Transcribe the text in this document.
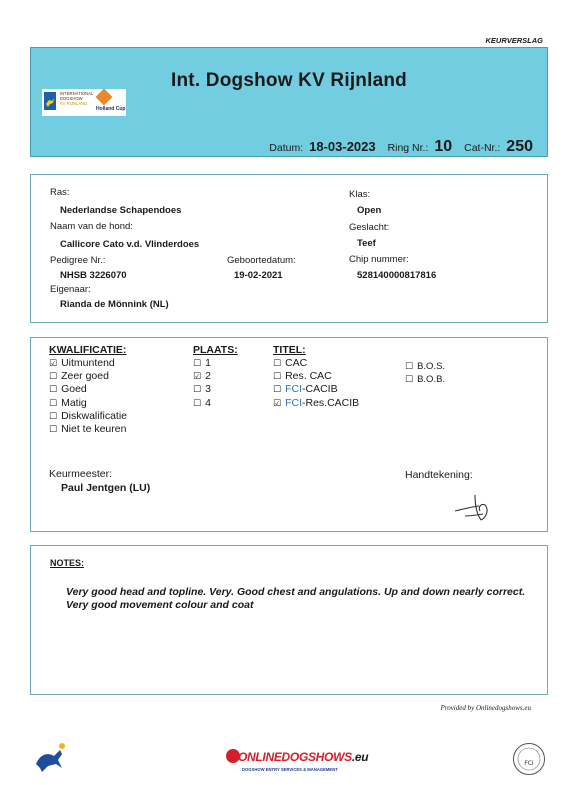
KEURVERSLAG
Int. Dogshow KV Rijnland
INTERNATIONAL
DOGSHOW
KV RIJNLAND
Holland Cup
Datum: 18-03-2023 Ring Nr.: 10 Cat-Nr.: 250
Ras:
Nederlandse Schapendoes
Naam van de hond:
Callicore Cato v.d. Vlinderdoes
Pedigree Nr.:
NHSB 3226070
Eigenaar:
Rianda de Mönnink (NL)
Geboortedatum:
19-02-2021
Klas:
Open
Geslacht:
Teef
Chip nummer:
528140000817816
KWALIFICATIE:
☑ Uitmuntend
☐ Zeer goed
☐ Goed
☐ Matig
☐ Diskwalificatie
☐ Niet te keuren
PLAATS:
☐ 1
☑ 2
☐ 3
☐ 4
TITEL:
☐ CAC
☐ Res. CAC
☐ FCI-CACIB
☑ FCI-Res.CACIB
☐ B.O.S.
☐ B.O.B.
Keurmeester:
Paul Jentgen (LU)
Handtekening:
NOTES:
Very good head and topline. Very. Good chest and angulations. Up and down nearly correct. Very good movement colour and coat
Provided by Onlinedogshows.eu
ONLINEDOGSHOWS.eu
DOGSHOW ENTRY SERVICES & MANAGEMENT
FCI
